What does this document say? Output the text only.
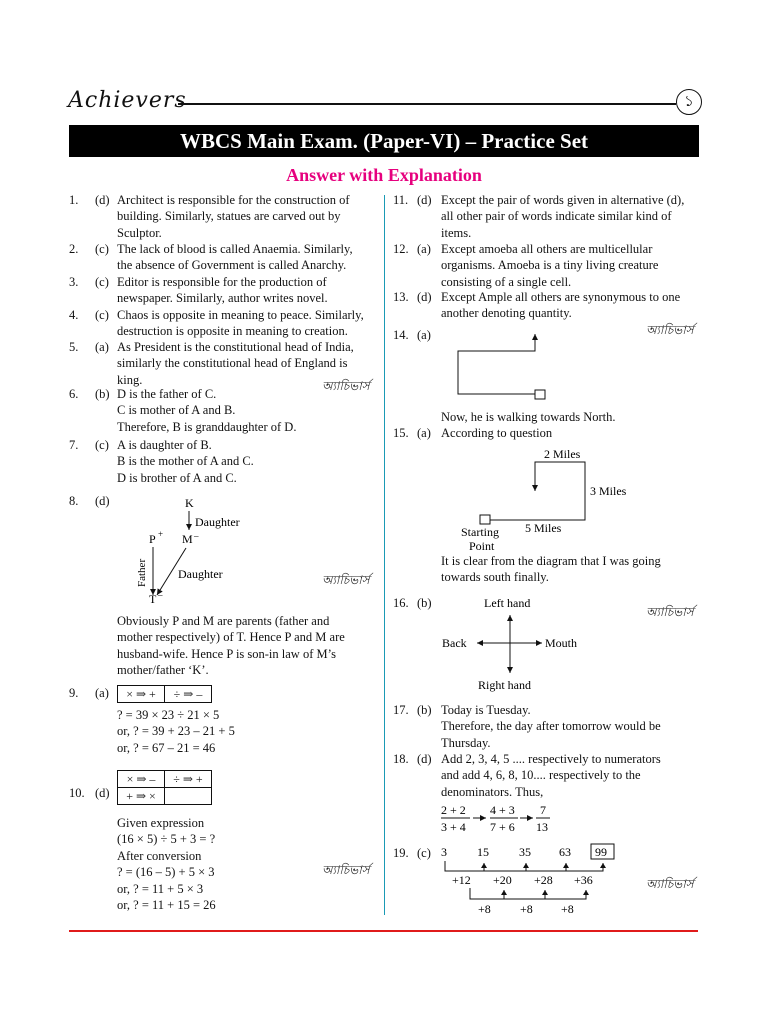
Achievers	১
WBCS Main Exam. (Paper-VI) – Practice Set
Answer with Explanation
1.	(d) Architect is responsible for the construction of
building. Similarly, statues are carved out by
Sculptor.
2.	(c) The lack of blood is called Anaemia. Similarly,
the absence of Government is called Anarchy.
3.	(c) Editor is responsible for the production of
newspaper. Similarly, author writes novel.
4.	(c) Chaos is opposite in meaning to peace. Similarly,
destruction is opposite in meaning to creation.
5.	(a) As President is the constitutional head of India,
similarly the constitutional head of England is
king.	অ্যাচিভার্স
6.	(b) D is the father of C.
C is mother of A and B.
Therefore, B is granddaughter of D.
7.	(c) A is daughter of B.
B is the mother of A and C.
D is brother of A and C.
8.	(d)	K
Daughter
P + M –
Father	Daughter
T –
অ্যাচিভার্স
Obviously P and M are parents (father and
mother respectively) of T. Hence P and M are
husband-wife. Hence P is son-in law of M’s
mother/father ‘K’.
9.	(a)	× ⇒ +	÷ ⇒ –
? = 39 × 23 ÷ 21 × 5
or, ? = 39 + 23 – 21 + 5
or, ? = 67 – 21 = 46
× ⇒ –	÷ ⇒ +
+ ⇒ ×	
10. (d)
Given expression
(16 × 5) ÷ 5 + 3 = ?
After conversion
? = (16 – 5) + 5 × 3
or, ? = 11 + 5 × 3
or, ? = 11 + 15 = 26
অ্যাচিভার্স
11. (d) Except the pair of words given in alternative (d),
all other pair of words indicate similar kind of
items.
12. (a) Except amoeba all others are multicellular
organisms. Amoeba is a tiny living creature
consisting of a single cell.
13. (d) Except Ample all others are synonymous to one
another denoting quantity.
14. (a)	অ্যাচিভার্স
Now, he is walking towards North.
15. (a) According to question
2 Miles
3 Miles
5 Miles
Starting
Point
It is clear from the diagram that I was going
towards south finally.
16. (b)
অ্যাচিভার্স
Left hand
Back	Mouth
Right hand
17. (b) Today is Tuesday.
Therefore, the day after tomorrow would be
Thursday.
18. (d) Add 2, 3, 4, 5 .... respectively to numerators
and add 4, 6, 8, 10.... respectively to the
denominators. Thus,
2 + 2
3 + 4
4 + 3
7 + 6
7
13
19. (c) 3	15	35 63 99
+12 +20 +28 +36
+8 +8 +8
অ্যাচিভার্স
